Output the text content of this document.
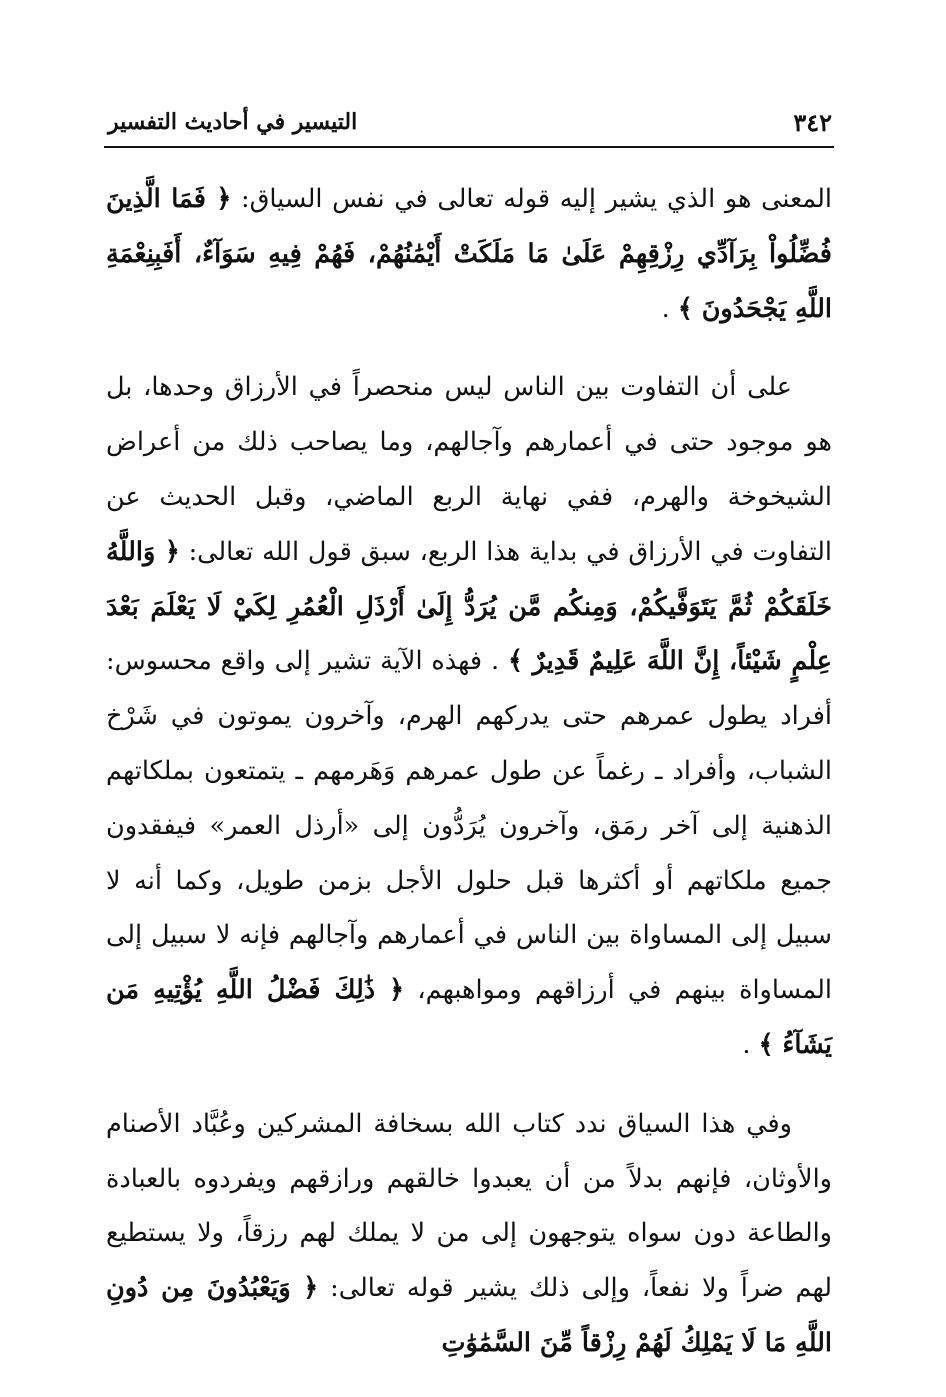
٣٤٢
التيسير في أحاديث التفسير

المعنى هو الذي يشير إليه قوله تعالى في نفس السياق: ﴿ فَمَا الَّذِينَ فُضِّلُواْ بِرَآدِّي رِزْقِهِمْ عَلَىٰ مَا مَلَكَتْ أَيْمَٰنُهُمْ، فَهُمْ فِيهِ سَوَآءٌ، أَفَبِنِعْمَةِ اللَّهِ يَجْحَدُونَ ﴾ .

على أن التفاوت بين الناس ليس منحصراً في الأرزاق وحدها، بل هو موجود حتى في أعمارهم وآجالهم، وما يصاحب ذلك من أعراض الشيخوخة والهرم، ففي نهاية الربع الماضي، وقبل الحديث عن التفاوت في الأرزاق في بداية هذا الربع، سبق قول الله تعالى: ﴿ وَاللَّهُ خَلَقَكُمْ ثُمَّ يَتَوَفَّيكُمْ، وَمِنكُم مَّن يُرَدُّ إِلَىٰ أَرْذَلِ الْعُمُرِ لِكَيْ لَا يَعْلَمَ بَعْدَ عِلْمٍ شَيْئاً، إِنَّ اللَّهَ عَلِيمٌ قَدِيرٌ ﴾ . فهذه الآية تشير إلى واقع محسوس: أفراد يطول عمرهم حتى يدركهم الهرم، وآخرون يموتون في شَرْخ الشباب، وأفراد ـ رغماً عن طول عمرهم وَهَرمهم ـ يتمتعون بملكاتهم الذهنية إلى آخر رمَق، وآخرون يُرَدُّون إلى «أرذل العمر» فيفقدون جميع ملكاتهم أو أكثرها قبل حلول الأجل بزمن طويل، وكما أنه لا سبيل إلى المساواة بين الناس في أعمارهم وآجالهم فإنه لا سبيل إلى المساواة بينهم في أرزاقهم ومواهبهم، ﴿ ذَٰلِكَ فَضْلُ اللَّهِ يُؤْتِيهِ مَن يَشَآءُ ﴾ .

وفي هذا السياق ندد كتاب الله بسخافة المشركين وعُبَّاد الأصنام والأوثان، فإنهم بدلاً من أن يعبدوا خالقهم ورازقهم ويفردوه بالعبادة والطاعة دون سواه يتوجهون إلى من لا يملك لهم رزقاً، ولا يستطيع لهم ضراً ولا نفعاً، وإلى ذلك يشير قوله تعالى: ﴿ وَيَعْبُدُونَ مِن دُونِ اللَّهِ مَا لَا يَمْلِكُ لَهُمْ رِزْقاً مِّنَ السَّمَٰوَٰتِ
